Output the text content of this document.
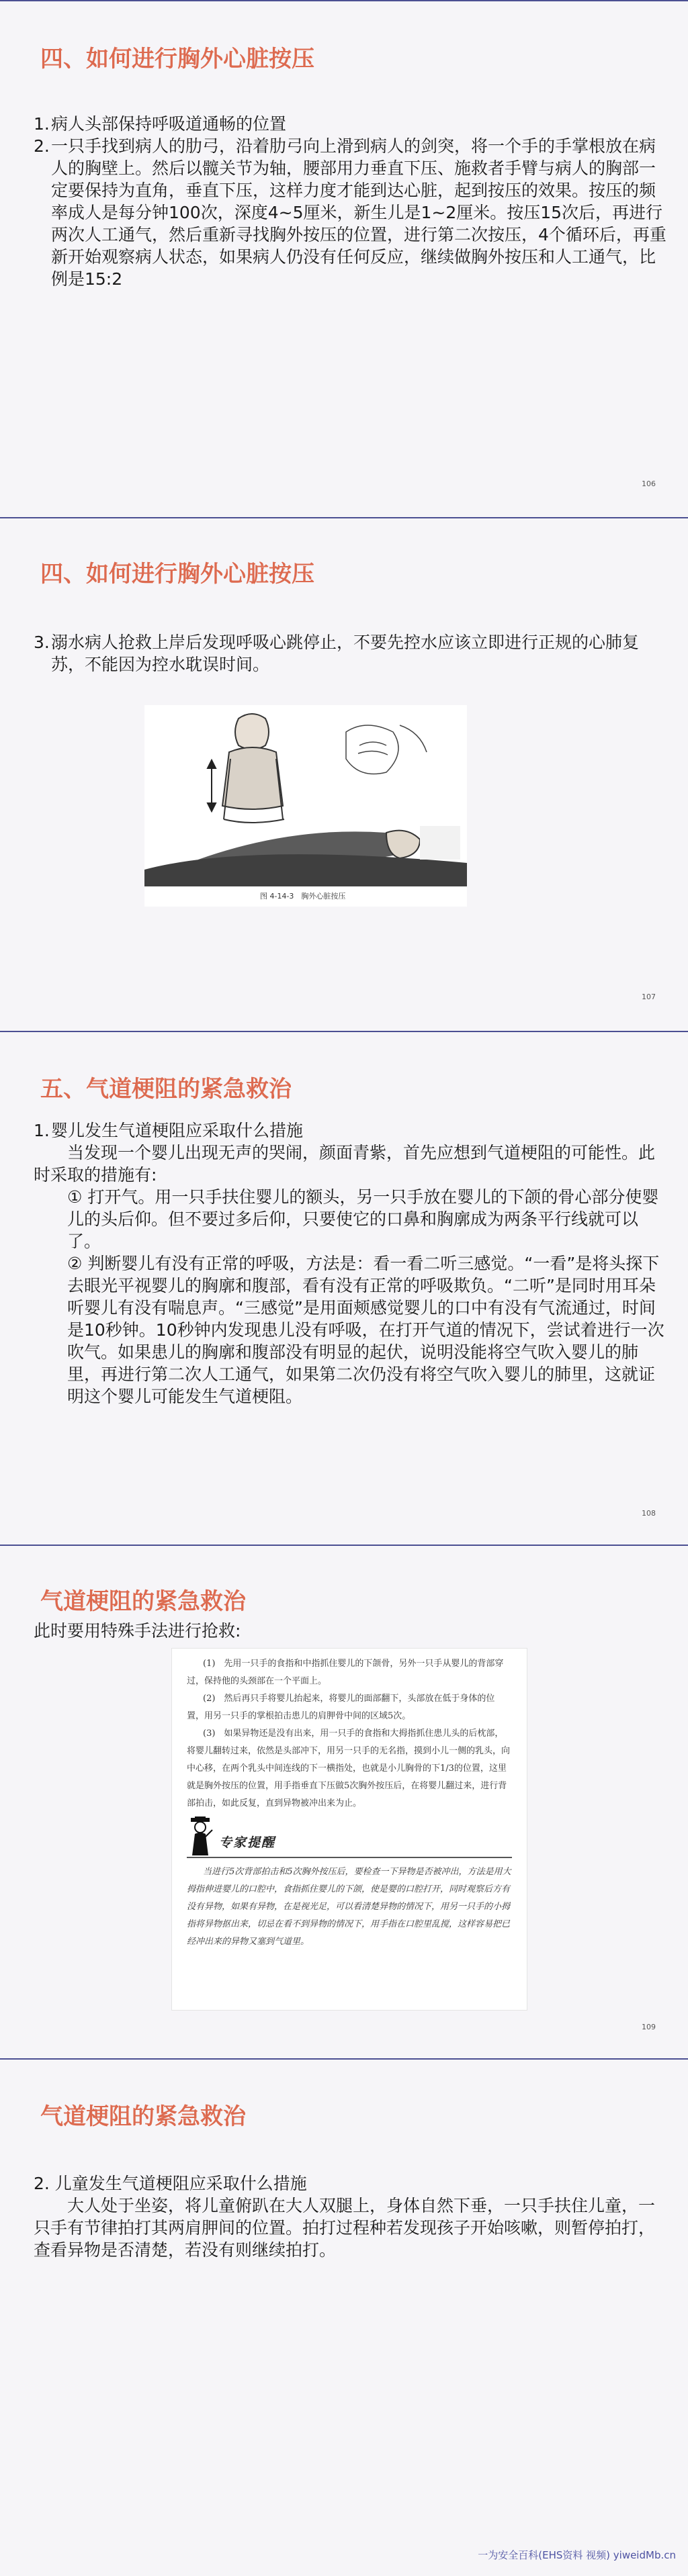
四、如何进行胸外心脏按压
1. 病人头部保持呼吸道通畅的位置
2. 一只手找到病人的肋弓，沿着肋弓向上滑到病人的剑突，将一个手的手掌根放在病人的胸壁上。然后以髋关节为轴，腰部用力垂直下压、施救者手臂与病人的胸部一定要保持为直角，垂直下压，这样力度才能到达心脏，起到按压的效果。按压的频率成人是每分钟100次，深度4~5厘米，新生儿是1~2厘米。按压15次后，再进行两次人工通气，然后重新寻找胸外按压的位置，进行第二次按压，4个循环后，再重新开始观察病人状态，如果病人仍没有任何反应，继续做胸外按压和人工通气，比例是15:2
106
四、如何进行胸外心脏按压
3. 溺水病人抢救上岸后发现呼吸心跳停止，不要先控水应该立即进行正规的心肺复苏，不能因为控水耽误时间。
图 4-14-3　胸外心脏按压
107
五、气道梗阻的紧急救治
1. 婴儿发生气道梗阻应采取什么措施

当发现一个婴儿出现无声的哭闹，颜面青紫，首先应想到气道梗阻的可能性。此时采取的措施有:

① 打开气。用一只手扶住婴儿的额头，另一只手放在婴儿的下颌的骨心部分使婴儿的头后仰。但不要过多后仰，只要使它的口鼻和胸廓成为两条平行线就可以了。

② 判断婴儿有没有正常的呼吸，方法是：看一看二听三感觉。“一看”是将头探下去眼光平视婴儿的胸廓和腹部，看有没有正常的呼吸欺负。“二听”是同时用耳朵听婴儿有没有喘息声。“三感觉”是用面颊感觉婴儿的口中有没有气流通过，时间是10秒钟。10秒钟内发现患儿没有呼吸，在打开气道的情况下，尝试着进行一次吹气。如果患儿的胸廓和腹部没有明显的起伏，说明没能将空气吹入婴儿的肺里，再进行第二次人工通气，如果第二次仍没有将空气吹入婴儿的肺里，这就证明这个婴儿可能发生气道梗阻。

108
气道梗阻的紧急救治

此时要用特殊手法进行抢救:

(1)　先用一只手的食指和中指抓住婴儿的下颌骨，另外一只手从婴儿的背部穿过，保持他的头颈部在一个平面上。

(2)　然后再只手将婴儿抬起来，将婴儿的面部翻下，头部放在低于身体的位置，用另一只手的掌根拍击患儿的肩胛骨中间的区域5次。

(3)　如果异物还是没有出来，用一只手的食指和大拇指抓住患儿头的后枕部，将婴儿翻转过来，依然是头部冲下，用另一只手的无名指，摸到小儿一侧的乳头，向中心移，在两个乳头中间连线的下一横指处，也就是小儿胸骨的下1/3的位置，这里就是胸外按压的位置，用手指垂直下压做5次胸外按压后，在将婴儿翻过来，进行背部拍击，如此反复，直到异物被冲出来为止。

专家提醒

当进行5次背部拍击和5次胸外按压后，要检查一下异物是否被冲出，方法是用大拇指伸进婴儿的口腔中，食指抓住婴儿的下颌，使是婴的口腔打开，同时观察后方有没有异物，如果有异物，在是视光足，可以看清楚异物的情况下，用另一只手的小拇指将异物抠出来，切忌在看不到异物的情况下，用手指在口腔里乱搅，这样容易把已经冲出来的异物又塞到气道里。

109
气道梗阻的紧急救治

2. 儿童发生气道梗阻应采取什么措施

大人处于坐姿，将儿童俯趴在大人双腿上，身体自然下垂，一只手扶住儿童，一只手有节律拍打其两肩胛间的位置。拍打过程种若发现孩子开始咳嗽，则暂停拍打，查看异物是否清楚，若没有则继续拍打。

一为安全百科(EHS资料 视频) yiweidMb.cn
